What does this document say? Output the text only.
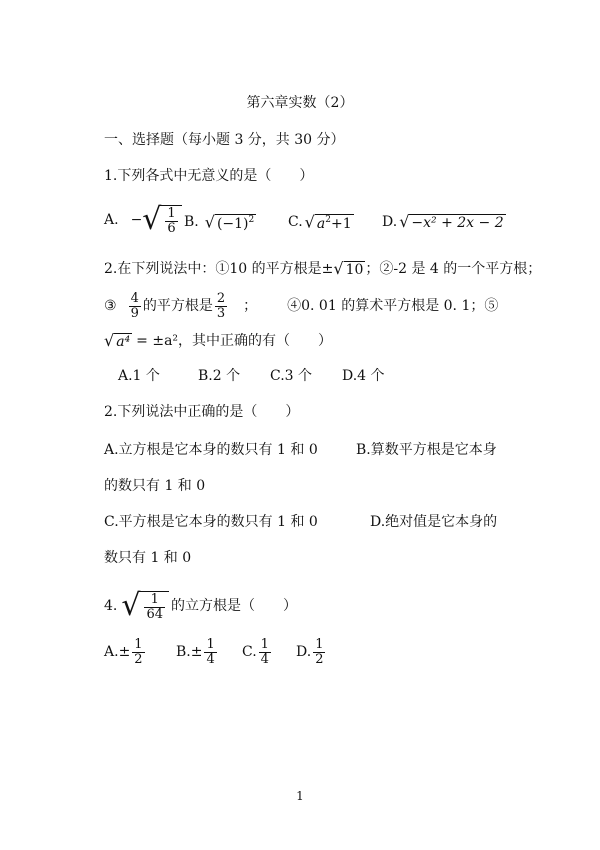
第六章实数（2）
一、选择题（每小题 3 分，共 30 分）
1.下列各式中无意义的是（　　）
A. − √ $\frac{1}{6} B$. √ $(-1)^2$ C. √ $a^2+1$ D. √ −x² + 2x − 2
2.在下列说法中：①10 的平方根是± √ 10 ；②-2 是 4 的一个平方根；
③ $\frac{4}{9}$ 的平方根是 $\frac{2}{3}$ ； ④0. 01 的算术平方根是 0. 1；⑤
√ a⁴ = ±a²，其中正确的有（　　）
A.1 个	B.2 个 C.3 个 D.4 个
2.下列说法中正确的是（　　）
A.立方根是它本身的数只有 1 和 0	B.算数平方根是它本身
的数只有 1 和 0
C.平方根是它本身的数只有 1 和 0	D.绝对值是它本身的
数只有 1 和 0
4. √ $\frac{1}{64}$ 的立方根是（　　）
A. ± $\frac{1}{2} B$. ± $\frac{1}{4} C$. $\frac{1}{4} D$. $\frac{1}{2}$
1
